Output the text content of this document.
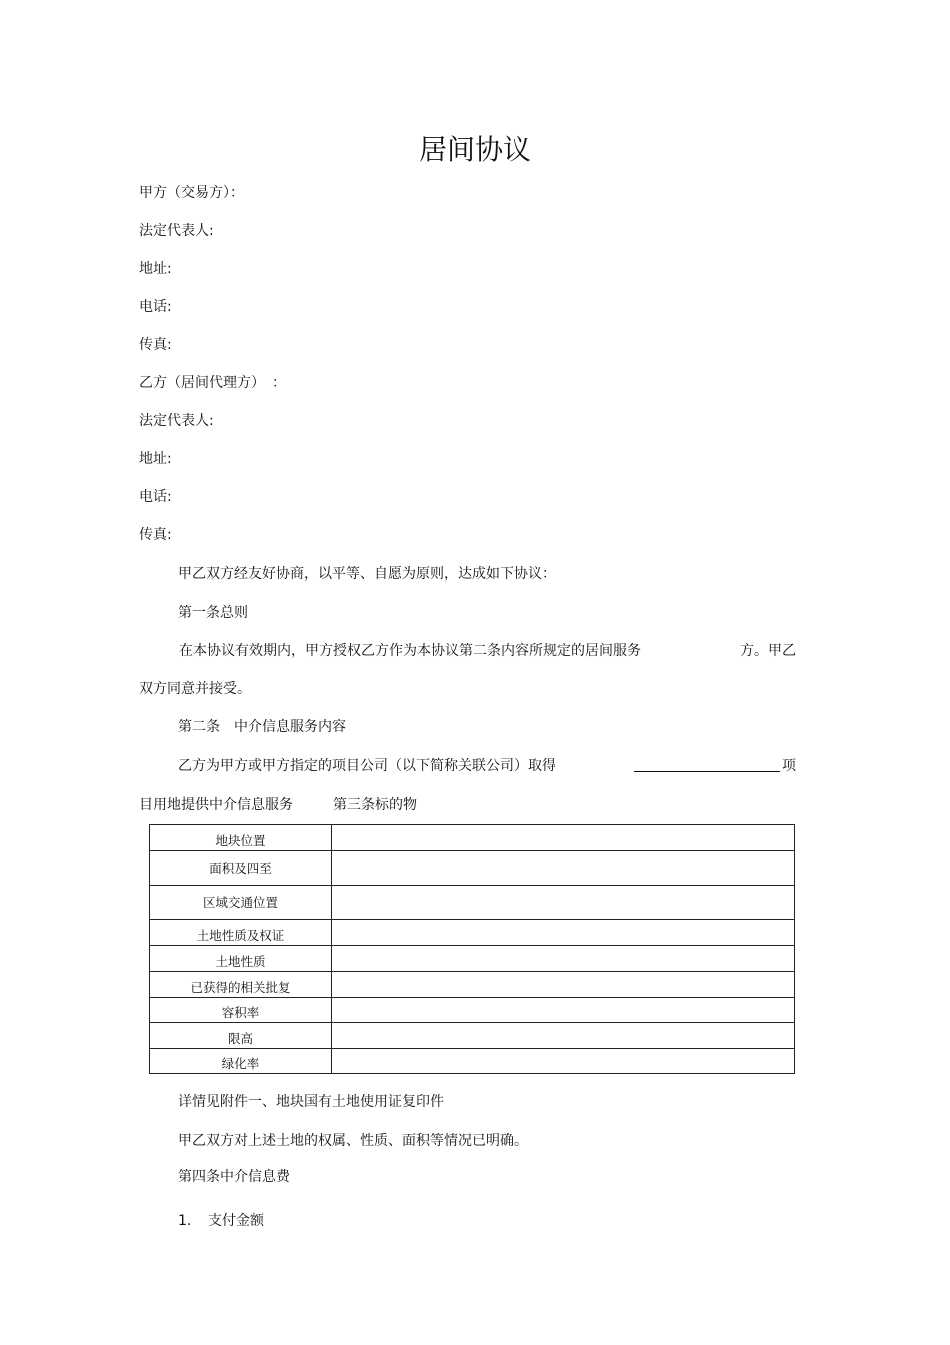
居间协议
甲方（交易方）：
法定代表人:
地址:
电话:
传真:
乙方（居间代理方）　：
法定代表人:
地址:
电话:
传真:
甲乙双方经友好协商，以平等、自愿为原则，达成如下协议：
第一条总则
在本协议有效期内，甲方授权乙方作为本协议第二条内容所规定的居间服务	方。甲乙
双方同意并接受。
第二条　中介信息服务内容
乙方为甲方或甲方指定的项目公司（以下简称关联公司）取得	项
目用地提供中介信息服务	第三条标的物
地块位置	
面积及四至	
区域交通位置	
土地性质及权证	
土地性质	
已获得的相关批复	
容积率	
限高	
绿化率	
详情见附件一、地块国有土地使用证复印件
甲乙双方对上述土地的权属、性质、面积等情况已明确。
第四条中介信息费
1. 支付金额
